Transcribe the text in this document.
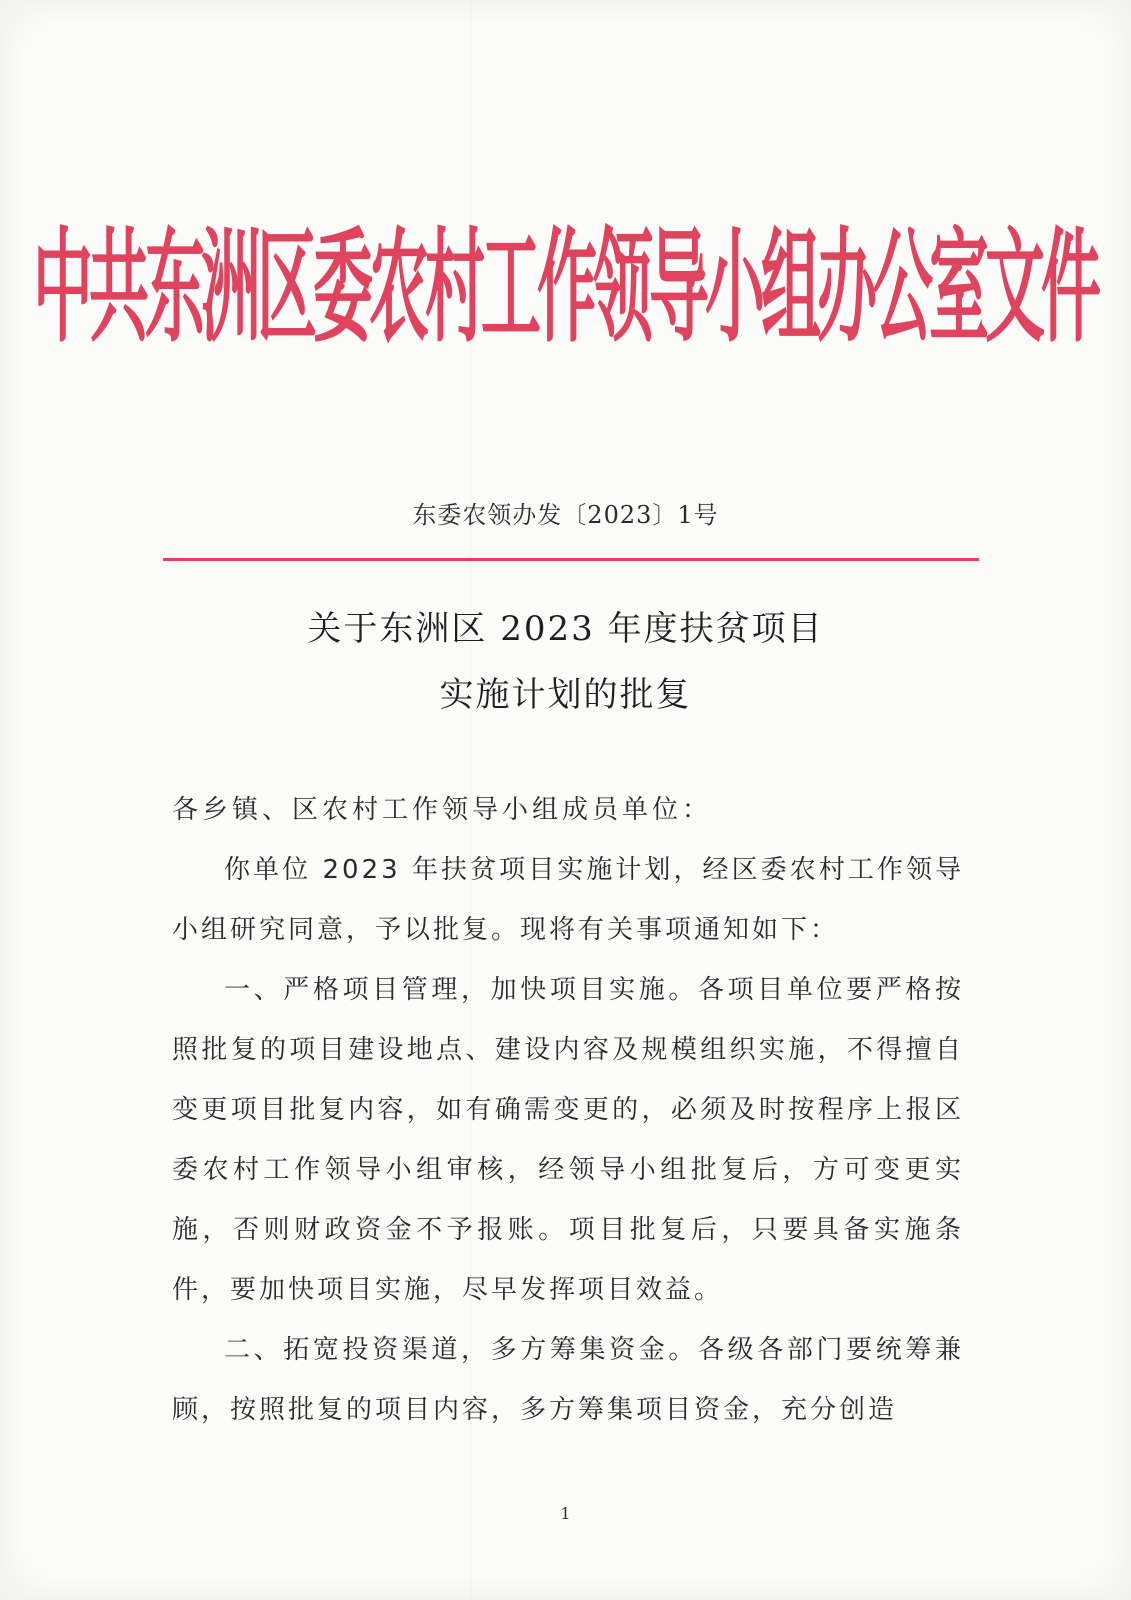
中共东洲区委农村工作领导小组办公室文件
东委农领办发〔2023〕1号
关于东洲区 2023 年度扶贫项目
实施计划的批复

各乡镇、区农村工作领导小组成员单位：

你单位 2023 年扶贫项目实施计划，经区委农村工作领导小组研究同意，予以批复。现将有关事项通知如下：

一、严格项目管理，加快项目实施。各项目单位要严格按照批复的项目建设地点、建设内容及规模组织实施，不得擅自变更项目批复内容，如有确需变更的，必须及时按程序上报区委农村工作领导小组审核，经领导小组批复后，方可变更实施，否则财政资金不予报账。项目批复后，只要具备实施条件，要加快项目实施，尽早发挥项目效益。

二、拓宽投资渠道，多方筹集资金。各级各部门要统筹兼顾，按照批复的项目内容，多方筹集项目资金，充分创造

1
